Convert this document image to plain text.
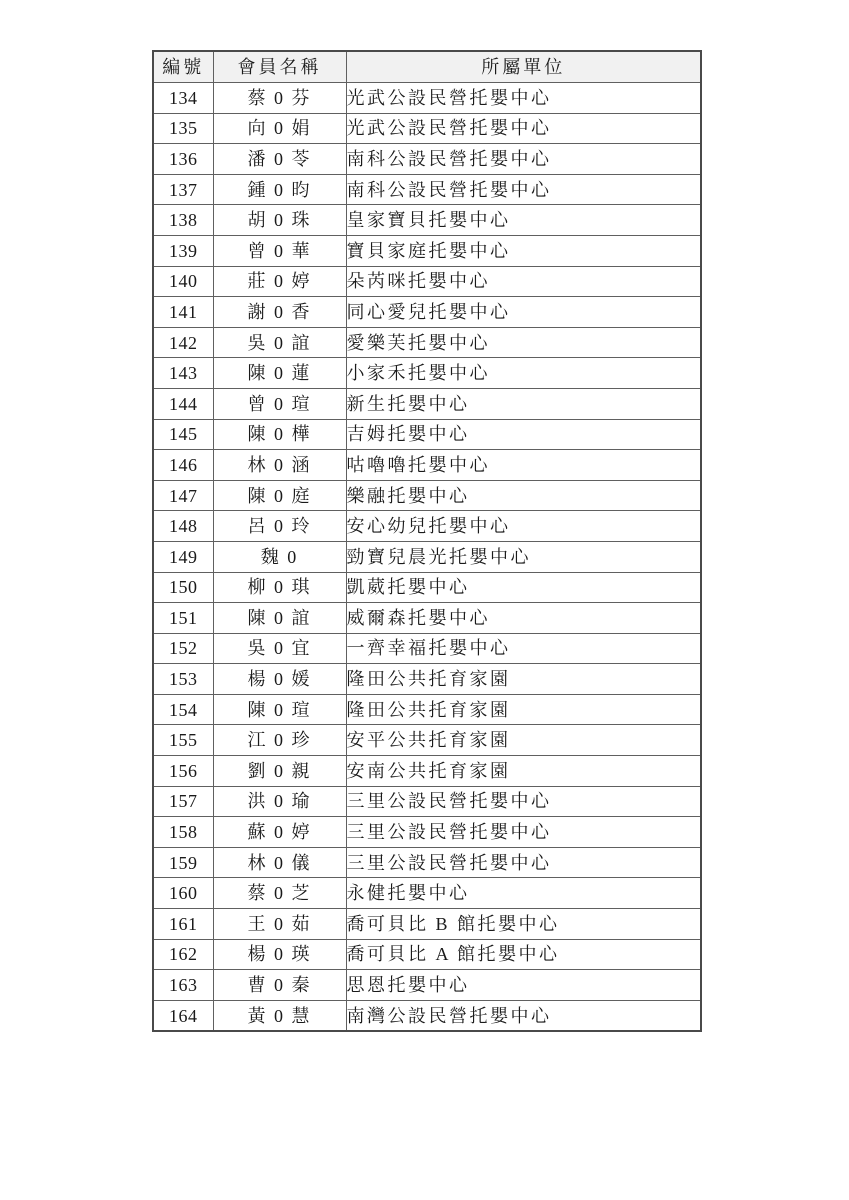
編號	會員名稱	所屬單位
134	蔡 0 芬	光武公設民營托嬰中心
135	向 0 娟	光武公設民營托嬰中心
136	潘 0 苓	南科公設民營托嬰中心
137	鍾 0 昀	南科公設民營托嬰中心
138	胡 0 珠	皇家寶貝托嬰中心
139	曾 0 華	寶貝家庭托嬰中心
140	莊 0 婷	朵芮咪托嬰中心
141	謝 0 香	同心愛兒托嬰中心
142	吳 0 誼	愛樂芙托嬰中心
143	陳 0 蓮	小家禾托嬰中心
144	曾 0 瑄	新生托嬰中心
145	陳 0 樺	吉姆托嬰中心
146	林 0 涵	咕嚕嚕托嬰中心
147	陳 0 庭	樂融托嬰中心
148	呂 0 玲	安心幼兒托嬰中心
149	魏 0	勁寶兒晨光托嬰中心
150	柳 0 琪	凱葳托嬰中心
151	陳 0 誼	威爾森托嬰中心
152	吳 0 宜	一齊幸福托嬰中心
153	楊 0 媛	隆田公共托育家園
154	陳 0 瑄	隆田公共托育家園
155	江 0 珍	安平公共托育家園
156	劉 0 親	安南公共托育家園
157	洪 0 瑜	三里公設民營托嬰中心
158	蘇 0 婷	三里公設民營托嬰中心
159	林 0 儀	三里公設民營托嬰中心
160	蔡 0 芝	永健托嬰中心
161	王 0 茹	喬可貝比 B 館托嬰中心
162	楊 0 瑛	喬可貝比 A 館托嬰中心
163	曹 0 秦	思恩托嬰中心
164	黃 0 慧	南灣公設民營托嬰中心
